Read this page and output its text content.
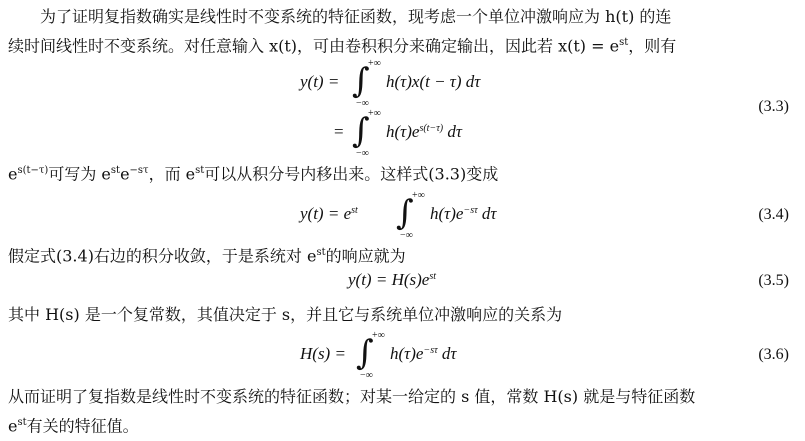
为了证明复指数确实是线性时不变系统的特征函数，现考虑一个单位冲激响应为 h(t) 的连
续时间线性时不变系统。对任意输入 x(t)，可由卷积积分来确定输出，因此若 $x(t) = e^{st}$，则有
y(t) = ∫
+∞
−∞
h(τ)x(t − τ) dτ
(3.3)
= ∫
+∞
−∞
$h(\tau)e^{s(t-\tau)}$ dτ
$e^{s(t-\tau)}$可写为 $e^{st}e^{-s\tau}$，而 $e^{st}$可以从积分号内移出来。这样式(3.3)变成
$y(t) = e^{st}$ ∫
+∞
−∞
$h(\tau)e^{-s\tau}$ dτ	(3.4)
假定式(3.4)右边的积分收敛，于是系统对 $e^{st}$的响应就为
$y(t) = H(s)e^{st}$	(3.5)
其中 H(s) 是一个复常数，其值决定于 s，并且它与系统单位冲激响应的关系为
H(s) = ∫
+∞
−∞
$h(\tau)e^{-s\tau}$ dτ	(3.6)
从而证明了复指数是线性时不变系统的特征函数；对某一给定的 s 值，常数 H(s) 就是与特征函数
$e^{st}$有关的特征值。
